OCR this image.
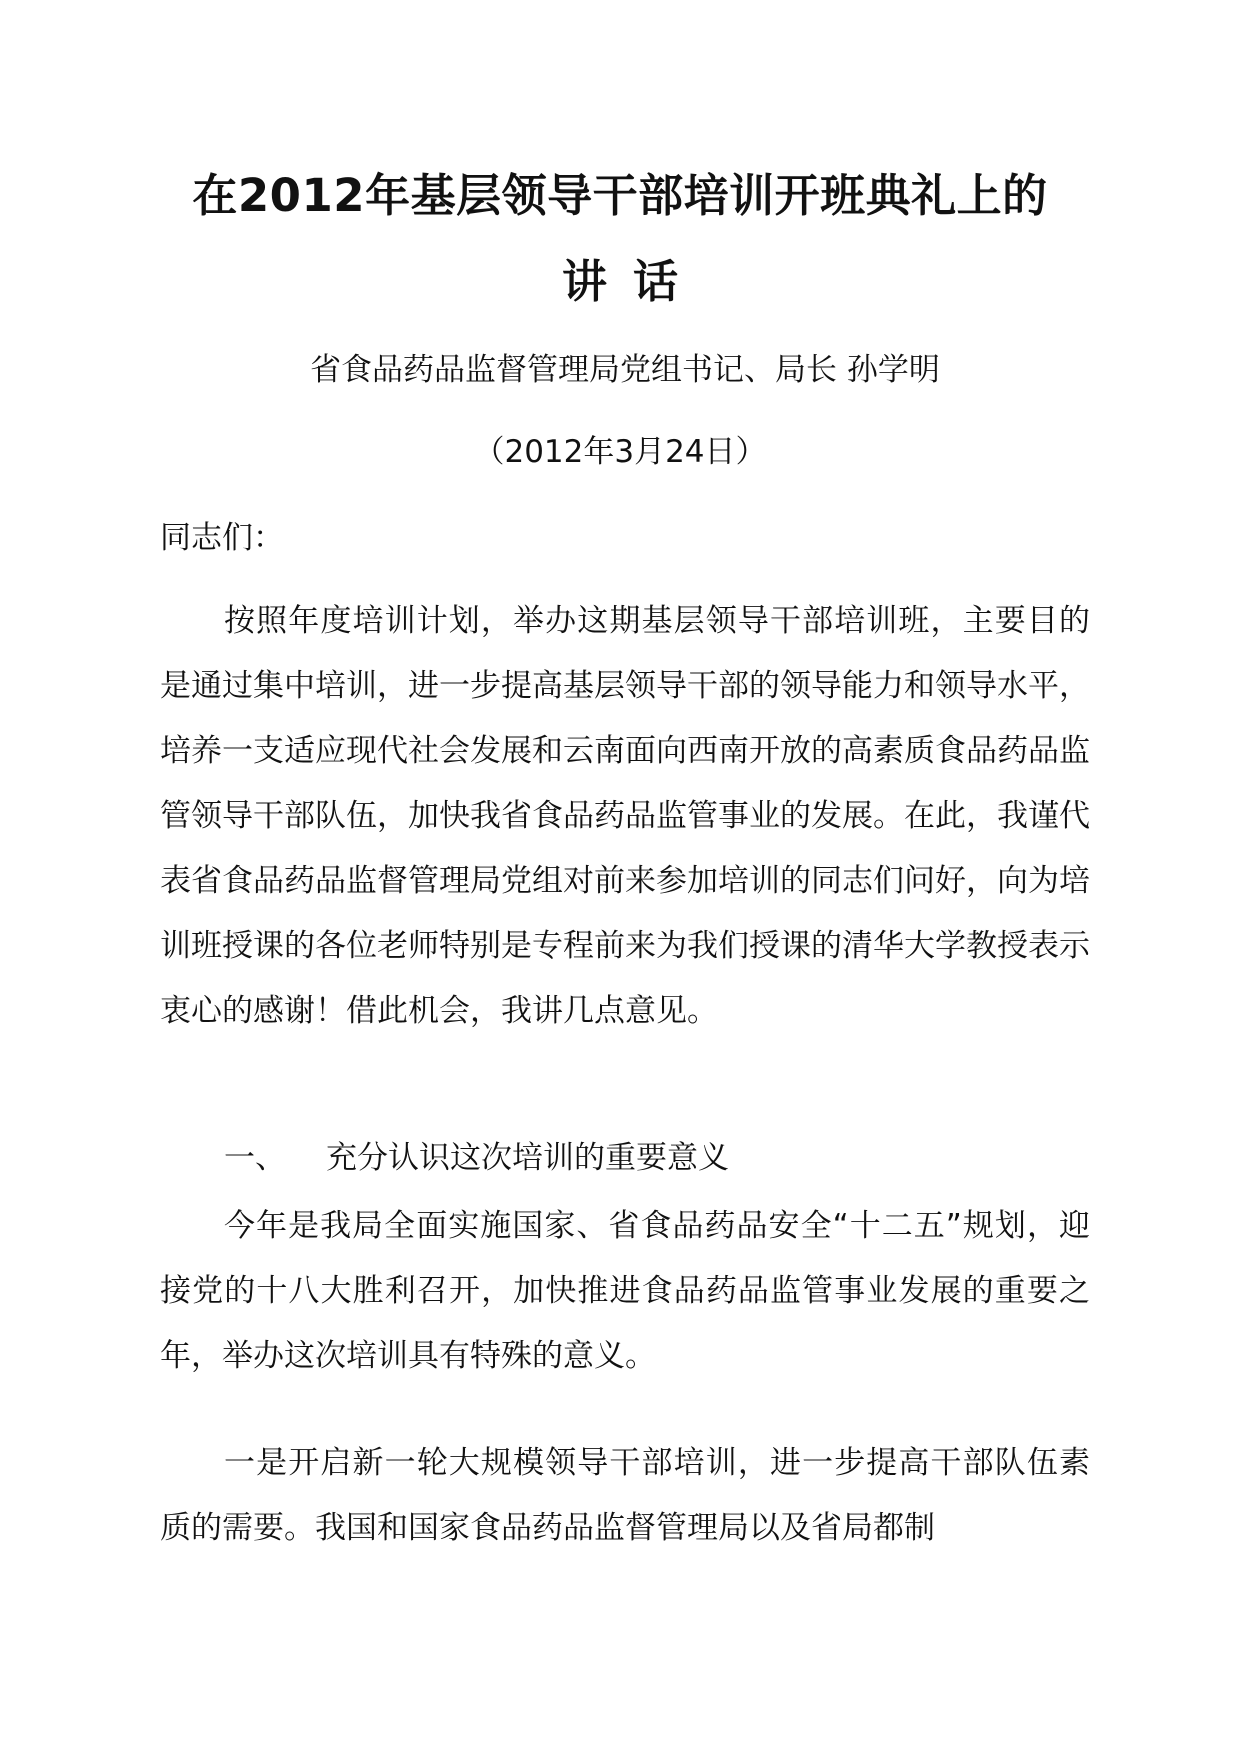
在2012年基层领导干部培训开班典礼上的
讲话
省食品药品监督管理局党组书记、局长 孙学明
（2012年3月24日）
同志们：

按照年度培训计划，举办这期基层领导干部培训班，主要目的是通过集中培训，进一步提高基层领导干部的领导能力和领导水平，培养一支适应现代社会发展和云南面向西南开放的高素质食品药品监管领导干部队伍，加快我省食品药品监管事业的发展。在此，我谨代表省食品药品监督管理局党组对前来参加培训的同志们问好，向为培训班授课的各位老师特别是专程前来为我们授课的清华大学教授表示衷心的感谢！借此机会，我讲几点意见。

一、 充分认识这次培训的重要意义

今年是我局全面实施国家、省食品药品安全“十二五”规划，迎接党的十八大胜利召开，加快推进食品药品监管事业发展的重要之年，举办这次培训具有特殊的意义。

一是开启新一轮大规模领导干部培训，进一步提高干部队伍素质的需要。我国和国家食品药品监督管理局以及省局都制
